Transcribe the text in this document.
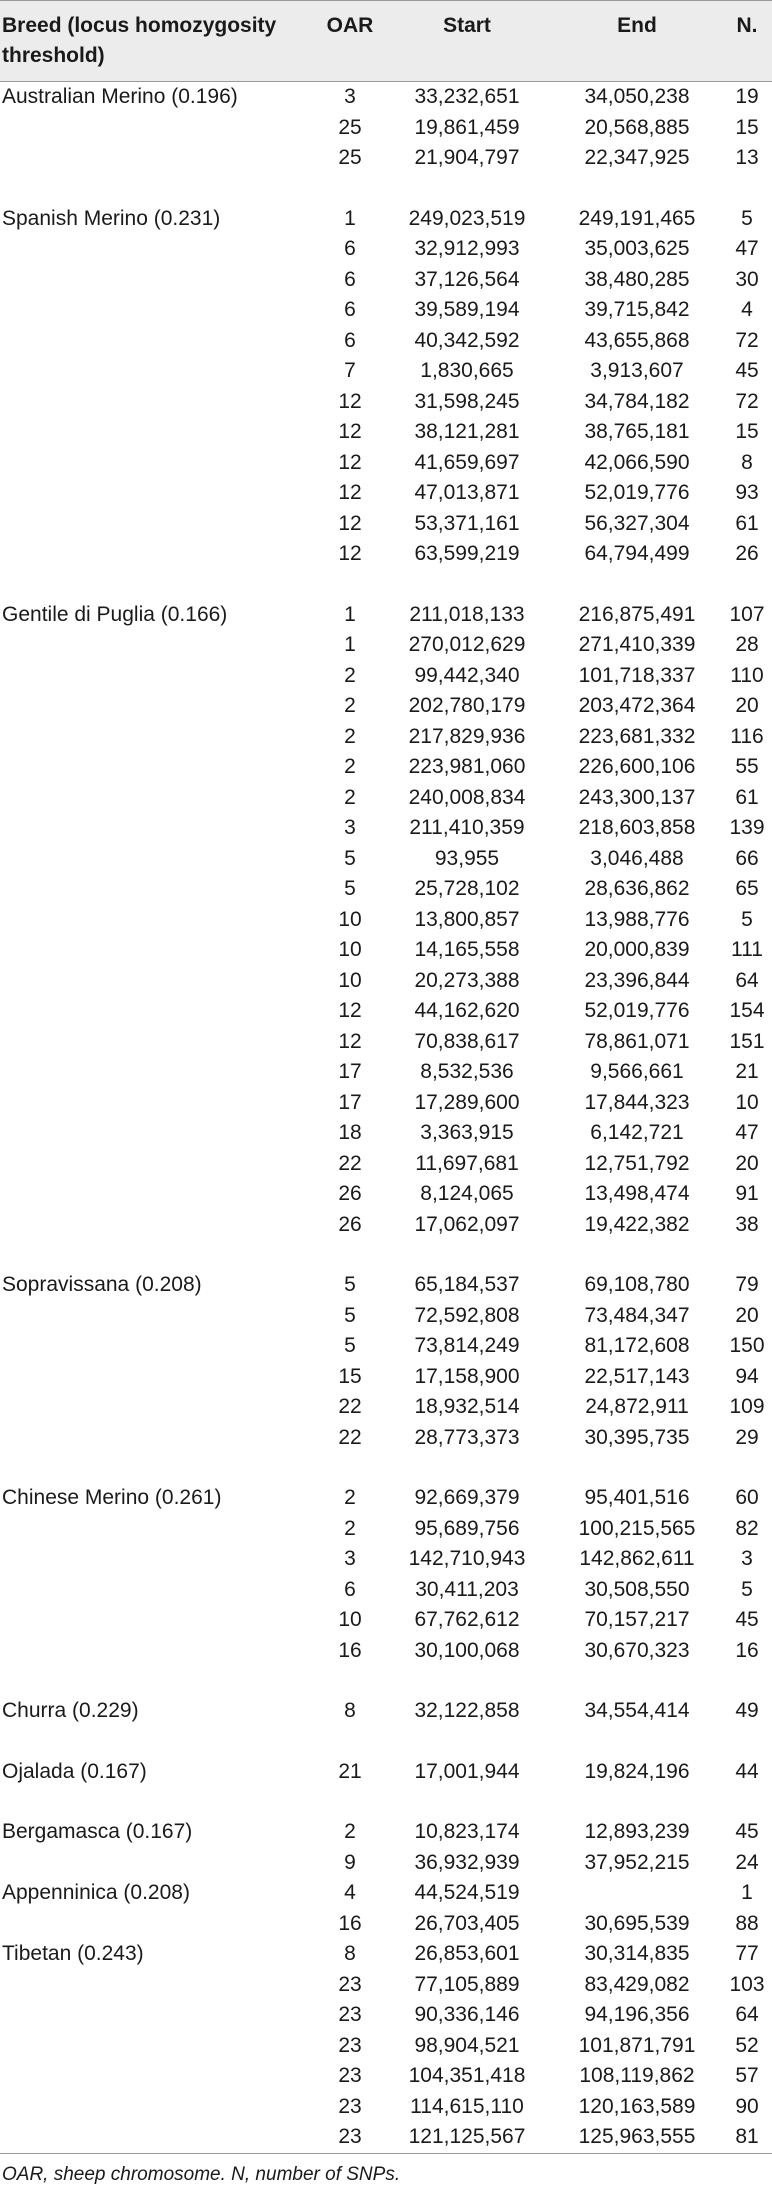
Breed (locus homozygosity threshold)	OAR	Start	End	N.
Australian Merino (0.196)	3	33,232,651	34,050,238	19
	25	19,861,459	20,568,885	15
	25	21,904,797	22,347,925	13

Spanish Merino (0.231)	1	249,023,519	249,191,465	5
	6	32,912,993	35,003,625	47
	6	37,126,564	38,480,285	30
	6	39,589,194	39,715,842	4
	6	40,342,592	43,655,868	72
	7	1,830,665	3,913,607	45
	12	31,598,245	34,784,182	72
	12	38,121,281	38,765,181	15
	12	41,659,697	42,066,590	8
	12	47,013,871	52,019,776	93
	12	53,371,161	56,327,304	61
	12	63,599,219	64,794,499	26

Gentile di Puglia (0.166)	1	211,018,133	216,875,491	107
	1	270,012,629	271,410,339	28
	2	99,442,340	101,718,337	110
	2	202,780,179	203,472,364	20
	2	217,829,936	223,681,332	116
	2	223,981,060	226,600,106	55
	2	240,008,834	243,300,137	61
	3	211,410,359	218,603,858	139
	5	93,955	3,046,488	66
	5	25,728,102	28,636,862	65
	10	13,800,857	13,988,776	5
	10	14,165,558	20,000,839	111
	10	20,273,388	23,396,844	64
	12	44,162,620	52,019,776	154
	12	70,838,617	78,861,071	151
	17	8,532,536	9,566,661	21
	17	17,289,600	17,844,323	10
	18	3,363,915	6,142,721	47
	22	11,697,681	12,751,792	20
	26	8,124,065	13,498,474	91
	26	17,062,097	19,422,382	38

Sopravissana (0.208)	5	65,184,537	69,108,780	79
	5	72,592,808	73,484,347	20
	5	73,814,249	81,172,608	150
	15	17,158,900	22,517,143	94
	22	18,932,514	24,872,911	109
	22	28,773,373	30,395,735	29

Chinese Merino (0.261)	2	92,669,379	95,401,516	60
	2	95,689,756	100,215,565	82
	3	142,710,943	142,862,611	3
	6	30,411,203	30,508,550	5
	10	67,762,612	70,157,217	45
	16	30,100,068	30,670,323	16

Churra (0.229)	8	32,122,858	34,554,414	49

Ojalada (0.167)	21	17,001,944	19,824,196	44

Bergamasca (0.167)	2	10,823,174	12,893,239	45
	9	36,932,939	37,952,215	24
Appenninica (0.208)	4	44,524,519		1
	16	26,703,405	30,695,539	88
Tibetan (0.243)	8	26,853,601	30,314,835	77
	23	77,105,889	83,429,082	103
	23	90,336,146	94,196,356	64
	23	98,904,521	101,871,791	52
	23	104,351,418	108,119,862	57
	23	114,615,110	120,163,589	90
	23	121,125,567	125,963,555	81
OAR, sheep chromosome. N, number of SNPs.
